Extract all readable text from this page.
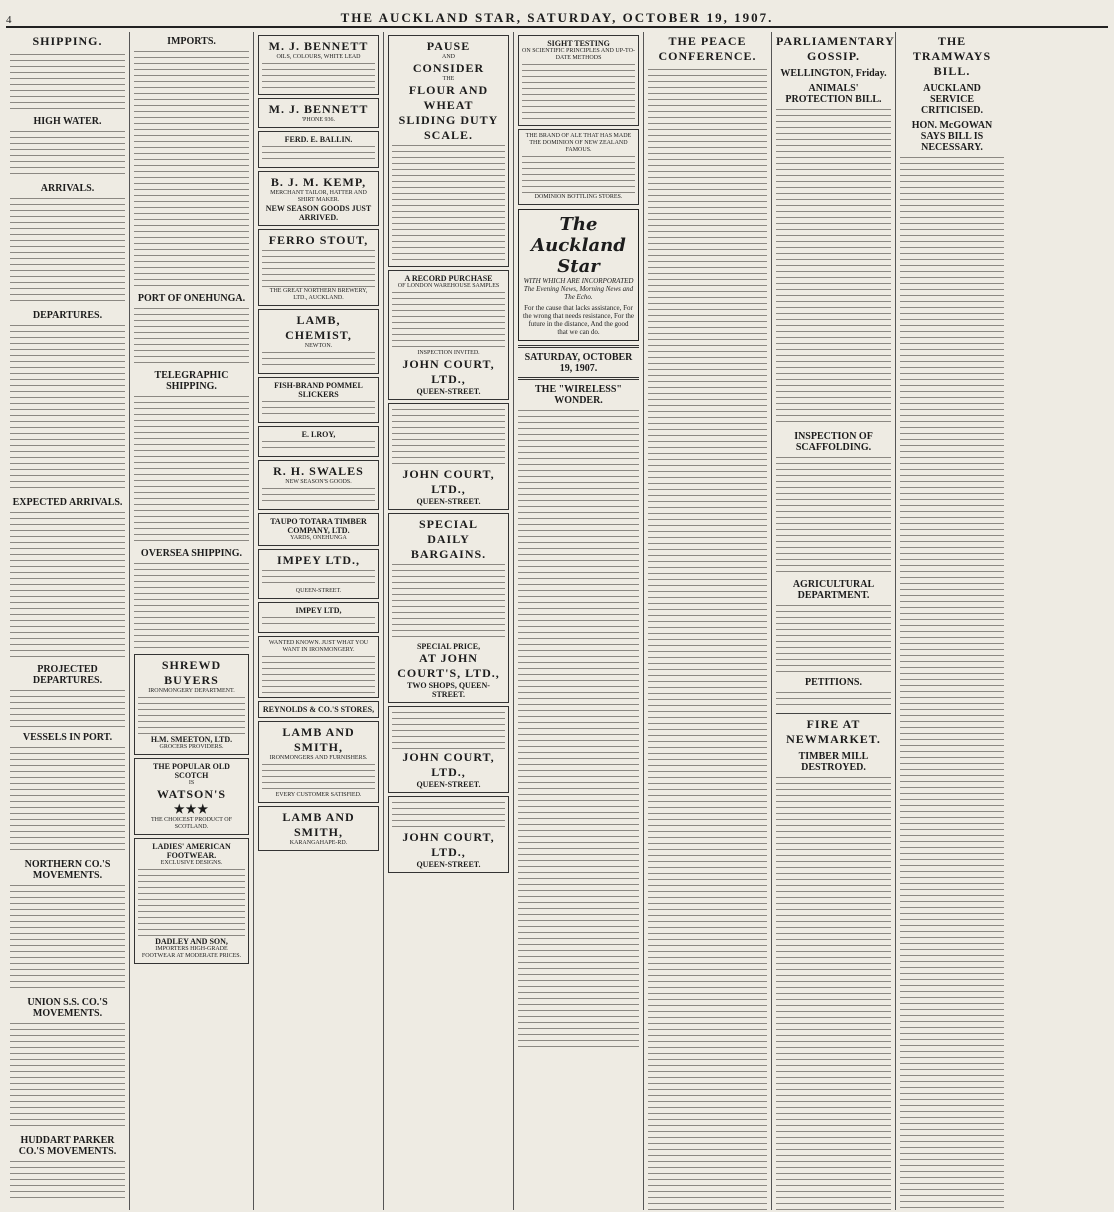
4	THE AUCKLAND STAR, SATURDAY, OCTOBER 19, 1907.
SHIPPING.
HIGH WATER.
ARRIVALS.
DEPARTURES.
EXPECTED ARRIVALS.
PROJECTED DEPARTURES.
VESSELS IN PORT.
NORTHERN CO.'S MOVEMENTS.
UNION S.S. CO.'S MOVEMENTS.
HUDDART PARKER CO.'S MOVEMENTS.
IMPORTS.
PORT OF ONEHUNGA.
TELEGRAPHIC SHIPPING.
OVERSEA SHIPPING.
SHREWD BUYERS
IRONMONGERY DEPARTMENT.
H.M. SMEETON, LTD.
GROCERS PROVIDERS.
THE POPULAR OLD SCOTCH
IS
WATSON'S ★★★
THE CHOICEST PRODUCT OF SCOTLAND.
LADIES' AMERICAN FOOTWEAR.
EXCLUSIVE DESIGNS.
DADLEY AND SON,
IMPORTERS HIGH-GRADE FOOTWEAR AT MODERATE PRICES.
M. J. BENNETT
OILS, COLOURS, WHITE LEAD
M. J. BENNETT
'PHONE 936.
FERD. E. BALLIN.
B. J. M. KEMP,
MERCHANT TAILOR, HATTER AND SHIRT MAKER.
NEW SEASON GOODS JUST ARRIVED.
FERRO STOUT,
THE GREAT NORTHERN BREWERY, LTD., AUCKLAND.
LAMB, CHEMIST,
NEWTON.
FISH-BRAND POMMEL SLICKERS
E. LROY,
R. H. SWALES
NEW SEASON'S GOODS.
TAUPO TOTARA TIMBER COMPANY, LTD.
YARDS, ONEHUNGA
IMPEY LTD.,
QUEEN-STREET.
IMPEY LTD,
WANTED KNOWN. JUST WHAT YOU WANT IN IRONMONGERY.
REYNOLDS & CO.'S STORES,
LAMB AND SMITH,
IRONMONGERS AND FURNISHERS.
EVERY CUSTOMER SATISFIED.
LAMB AND SMITH,
KARANGAHAPE-RD.
PAUSE
AND
CONSIDER
THE
FLOUR AND WHEAT
SLIDING DUTY
SCALE.
A RECORD PURCHASE
OF LONDON WAREHOUSE SAMPLES
INSPECTION INVITED.
JOHN COURT, LTD.,
QUEEN-STREET.
JOHN COURT, LTD.,
QUEEN-STREET.
SPECIAL
DAILY
BARGAINS.
SPECIAL PRICE,
AT JOHN COURT'S, LTD.,
TWO SHOPS, QUEEN-STREET.
JOHN COURT, LTD.,
QUEEN-STREET.
JOHN COURT, LTD.,
QUEEN-STREET.
SIGHT TESTING
ON SCIENTIFIC PRINCIPLES AND UP-TO-DATE METHODS
THE BRAND OF ALE THAT HAS MADE THE DOMINION OF NEW ZEALAND FAMOUS.
DOMINION BOTTLING STORES.
The Auckland Star
WITH WHICH ARE INCORPORATED
The Evening News, Morning News and The Echo.
For the cause that lacks assistance, For the wrong that needs resistance, For the future in the distance, And the good that we can do.
SATURDAY, OCTOBER 19, 1907.
THE "WIRELESS" WONDER.
THE PEACE CONFERENCE.
PARLIAMENTARY GOSSIP.
WELLINGTON, Friday.
ANIMALS' PROTECTION BILL.
INSPECTION OF SCAFFOLDING.
AGRICULTURAL DEPARTMENT.
PETITIONS.
FIRE AT NEWMARKET.
TIMBER MILL DESTROYED.
THE TRAMWAYS BILL.
AUCKLAND SERVICE CRITICISED.
HON. McGOWAN SAYS BILL IS NECESSARY.
